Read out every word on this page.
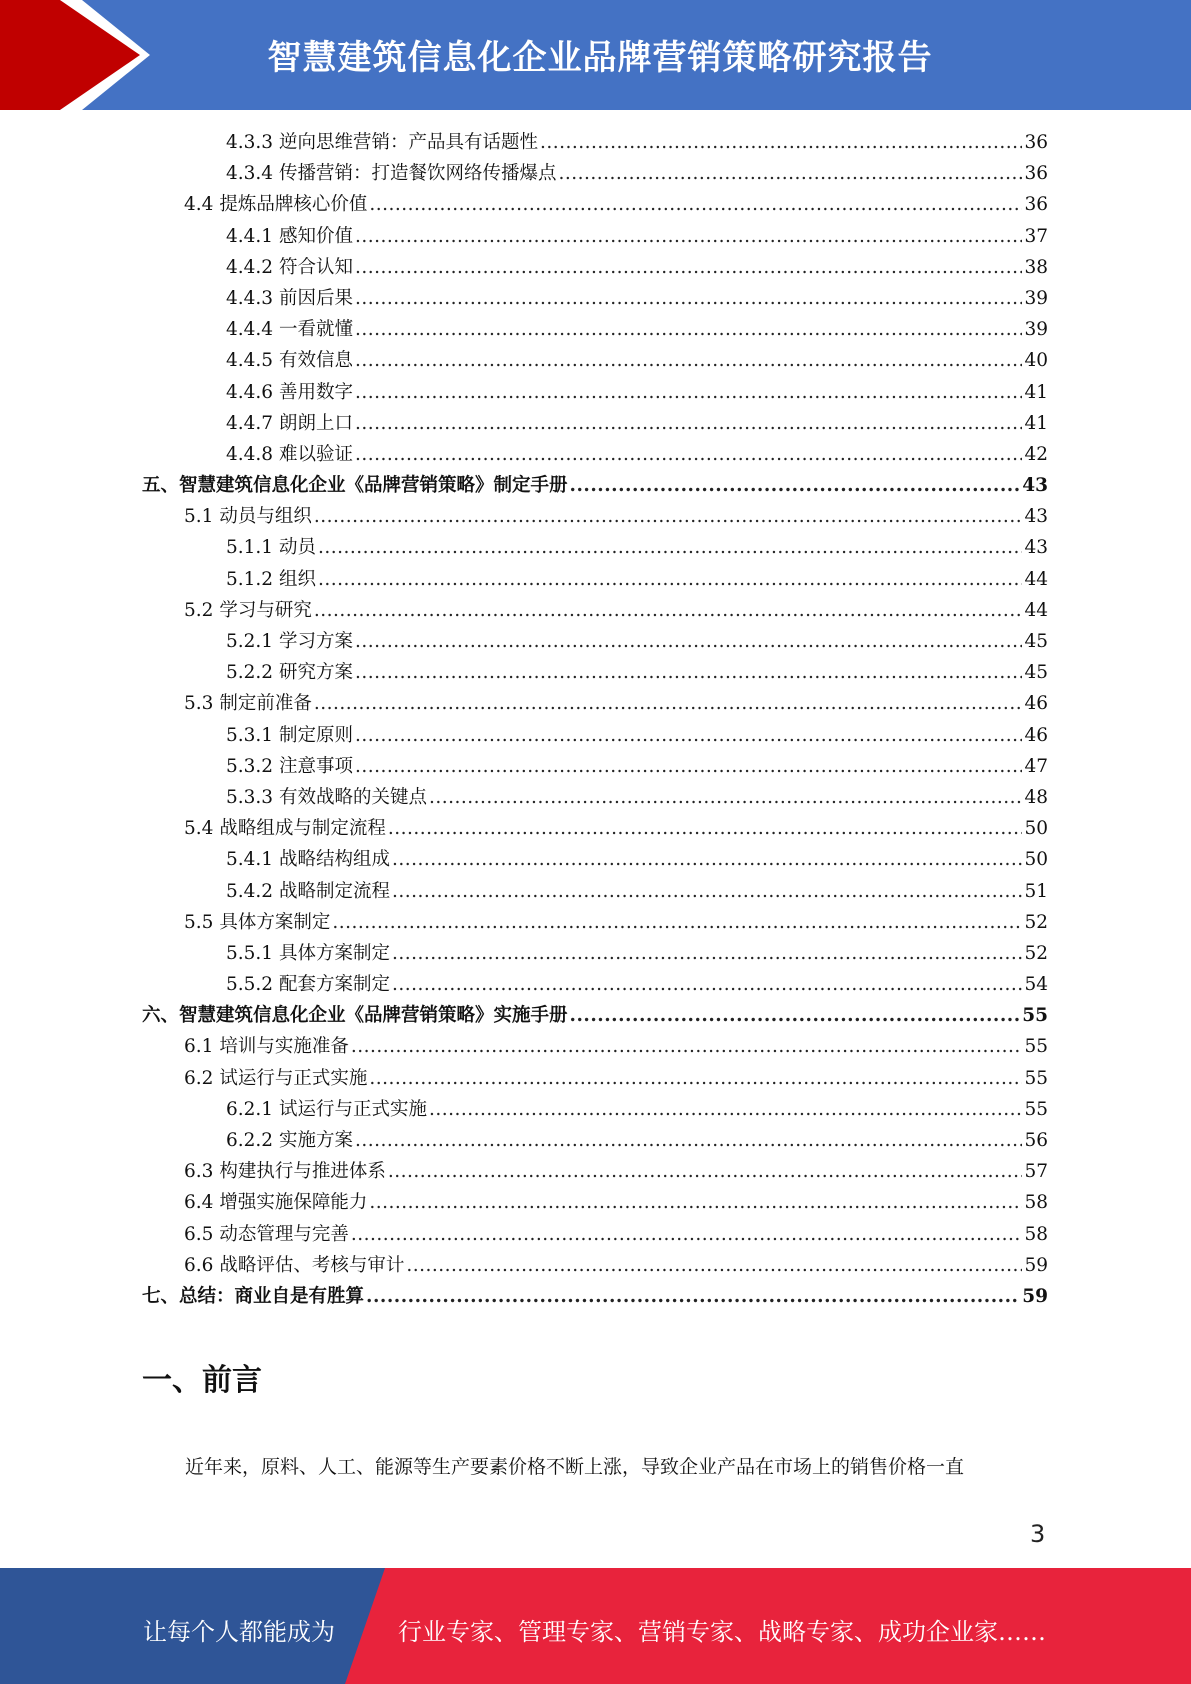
智慧建筑信息化企业品牌营销策略研究报告
4.3.3 逆向思维营销：产品具有话题性 .....	36
4.3.4 传播营销：打造餐饮网络传播爆点 .....	36
4.4 提炼品牌核心价值 .....	36
4.4.1 感知价值 .....	37
4.4.2 符合认知 .....	38
4.4.3 前因后果 .....	39
4.4.4 一看就懂 .....	39
4.4.5 有效信息 .....	40
4.4.6 善用数字 .....	41
4.4.7 朗朗上口 .....	41
4.4.8 难以验证 .....	42
五、 智慧建筑信息化企业《品牌营销策略》制定手册 .....	43
5.1 动员与组织 .....	43
5.1.1 动员 .....	43
5.1.2 组织 .....	44
5.2 学习与研究 .....	44
5.2.1 学习方案 .....	45
5.2.2 研究方案 .....	45
5.3 制定前准备 .....	46
5.3.1 制定原则 .....	46
5.3.2 注意事项 .....	47
5.3.3 有效战略的关键点 .....	48
5.4 战略组成与制定流程 .....	50
5.4.1 战略结构组成 .....	50
5.4.2 战略制定流程 .....	51
5.5 具体方案制定 .....	52
5.5.1 具体方案制定 .....	52
5.5.2 配套方案制定 .....	54
六、 智慧建筑信息化企业《品牌营销策略》实施手册 .....	55
6.1 培训与实施准备 .....	55
6.2 试运行与正式实施 .....	55
6.2.1 试运行与正式实施 .....	55
6.2.2 实施方案 .....	56
6.3 构建执行与推进体系 .....	57
6.4 增强实施保障能力 .....	58
6.5 动态管理与完善 .....	58
6.6 战略评估、考核与审计 .....	59
七、 总结：商业自是有胜算 .....	59
一、前言
近年来，原料、人工、能源等生产要素价格不断上涨，导致企业产品在市场上的销售价格一直
3
让每个人都能成为	行业专家、管理专家、营销专家、战略专家、成功企业家……
